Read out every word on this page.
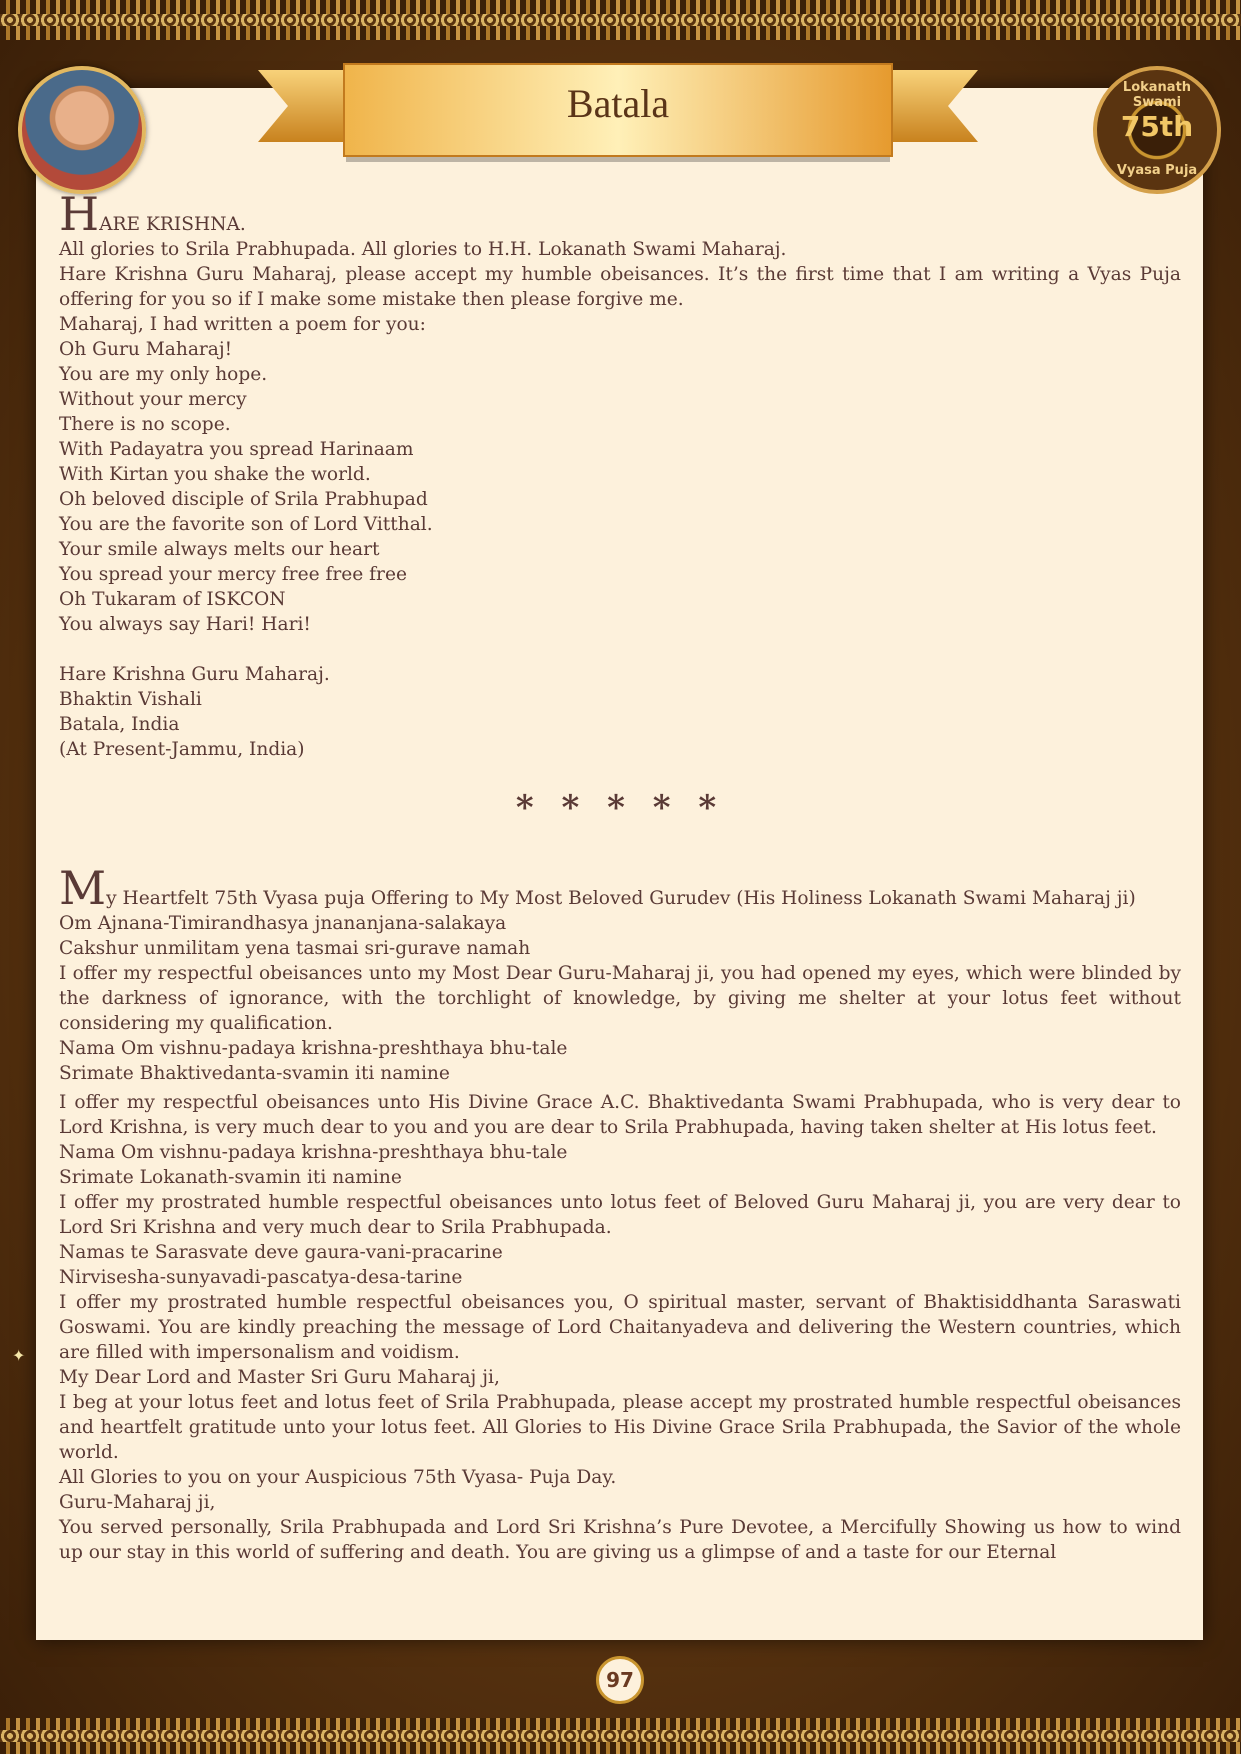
Batala	Lokanath Swami
75th
Vyasa Puja

HARE KRISHNA.

All glories to Srila Prabhupada. All glories to H.H. Lokanath Swami Maharaj.

Hare Krishna Guru Maharaj, please accept my humble obeisances. It’s the first time that I am writing a Vyas Puja offering for you so if I make some mistake then please forgive me.

Maharaj, I had written a poem for you:

Oh Guru Maharaj!

You are my only hope.

Without your mercy

There is no scope.

With Padayatra you spread Harinaam

With Kirtan you shake the world.

Oh beloved disciple of Srila Prabhupad

You are the favorite son of Lord Vitthal.

Your smile always melts our heart

You spread your mercy free free free

Oh Tukaram of ISKCON

You always say Hari! Hari!

Hare Krishna Guru Maharaj.

Bhaktin Vishali

Batala, India

(At Present-Jammu, India)

* * * * *

My Heartfelt 75th Vyasa puja Offering to My Most Beloved Gurudev (His Holiness Lokanath Swami Maharaj ji)

Om Ajnana-Timirandhasya jnananjana-salakaya

Cakshur unmilitam yena tasmai sri-gurave namah

I offer my respectful obeisances unto my Most Dear Guru-Maharaj ji, you had opened my eyes, which were blinded by the darkness of ignorance, with the torchlight of knowledge, by giving me shelter at your lotus feet without considering my qualification.

Nama Om vishnu-padaya krishna-preshthaya bhu-tale

Srimate Bhaktivedanta-svamin iti namine

I offer my respectful obeisances unto His Divine Grace A.C. Bhaktivedanta Swami Prabhupada, who is very dear to Lord Krishna, is very much dear to you and you are dear to Srila Prabhupada, having taken shelter at His lotus feet.

Nama Om vishnu-padaya krishna-preshthaya bhu-tale

Srimate Lokanath-svamin iti namine

I offer my prostrated humble respectful obeisances unto lotus feet of Beloved Guru Maharaj ji, you are very dear to Lord Sri Krishna and very much dear to Srila Prabhupada.

Namas te Sarasvate deve gaura-vani-pracarine

Nirvisesha-sunyavadi-pascatya-desa-tarine

I offer my prostrated humble respectful obeisances you, O spiritual master, servant of Bhaktisiddhanta Saraswati Goswami. You are kindly preaching the message of Lord Chaitanyadeva and delivering the Western countries, which are filled with impersonalism and voidism.

My Dear Lord and Master Sri Guru Maharaj ji,

I beg at your lotus feet and lotus feet of Srila Prabhupada, please accept my prostrated humble respectful obeisances and heartfelt gratitude unto your lotus feet. All Glories to His Divine Grace Srila Prabhupada, the Savior of the whole world.

All Glories to you on your Auspicious 75th Vyasa- Puja Day.

Guru-Maharaj ji,

You served personally, Srila Prabhupada and Lord Sri Krishna’s Pure Devotee, a Mercifully Showing us how to wind up our stay in this world of suffering and death. You are giving us a glimpse of and a taste for our Eternal

✦
97
